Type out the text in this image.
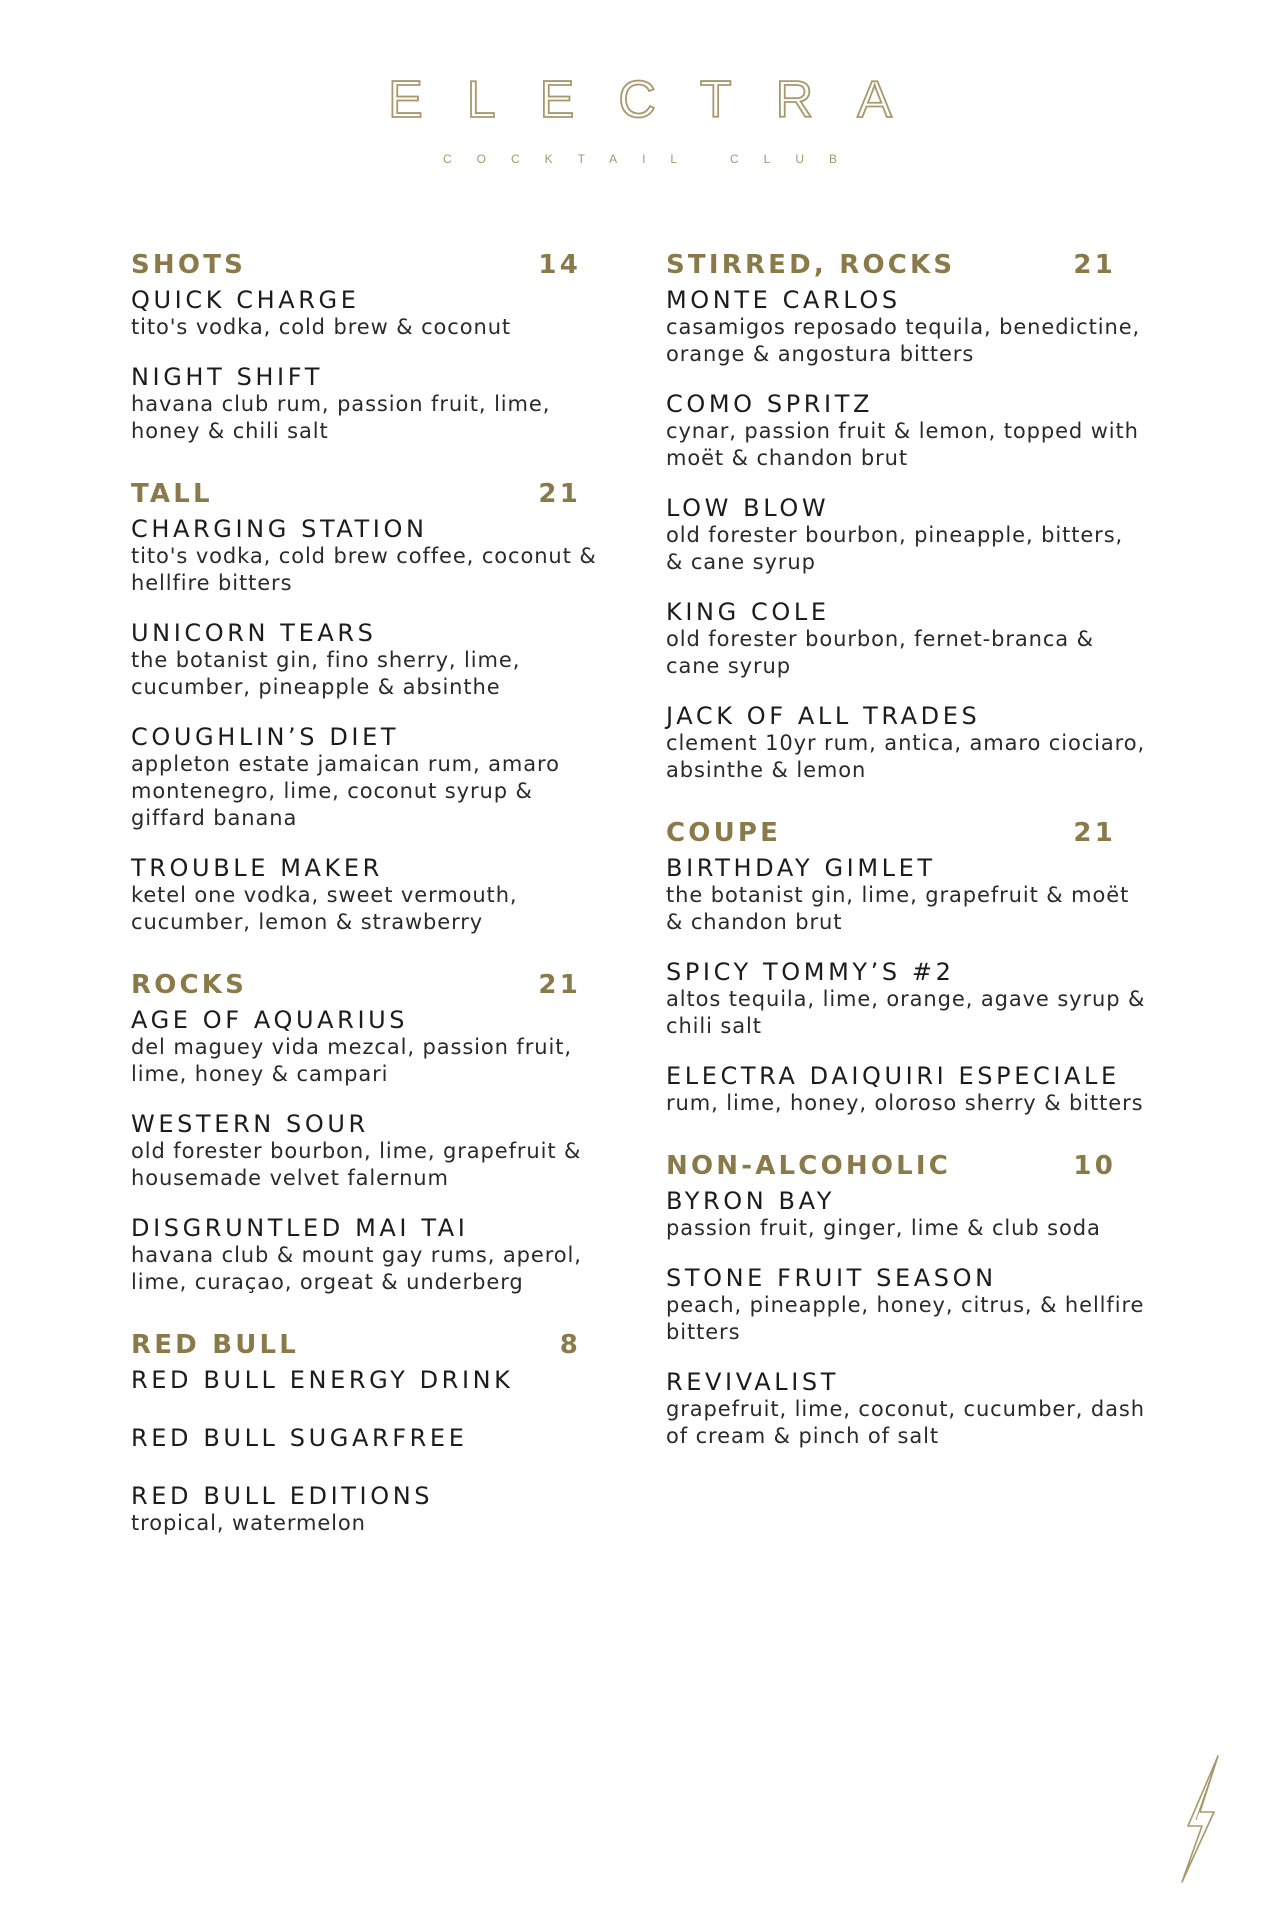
ELECTRA
COCKTAIL CLUB
SHOTS	14
QUICK CHARGE
tito's vodka, cold brew & coconut
NIGHT SHIFT
havana club rum, passion fruit, lime, honey & chili salt
TALL	21
CHARGING STATION
tito's vodka, cold brew coffee, coconut & hellfire bitters
UNICORN TEARS
the botanist gin, fino sherry, lime, cucumber, pineapple & absinthe
COUGHLIN’S DIET
appleton estate jamaican rum, amaro montenegro, lime, coconut syrup & giffard banana
TROUBLE MAKER
ketel one vodka, sweet vermouth, cucumber, lemon & strawberry
ROCKS	21
AGE OF AQUARIUS
del maguey vida mezcal, passion fruit, lime, honey & campari
WESTERN SOUR
old forester bourbon, lime, grapefruit & housemade velvet falernum
DISGRUNTLED MAI TAI
havana club & mount gay rums, aperol, lime, curaçao, orgeat & underberg
RED BULL	8
RED BULL ENERGY DRINK
RED BULL SUGARFREE
RED BULL EDITIONS
tropical, watermelon
STIRRED, ROCKS	21
MONTE CARLOS
casamigos reposado tequila, benedictine, orange & angostura bitters
COMO SPRITZ
cynar, passion fruit & lemon, topped with moët & chandon brut
LOW BLOW
old forester bourbon, pineapple, bitters, & cane syrup
KING COLE
old forester bourbon, fernet-branca & cane syrup
JACK OF ALL TRADES
clement 10yr rum, antica, amaro ciociaro, absinthe & lemon
COUPE	21
BIRTHDAY GIMLET
the botanist gin, lime, grapefruit & moët & chandon brut
SPICY TOMMY’S #2
altos tequila, lime, orange, agave syrup & chili salt
ELECTRA DAIQUIRI ESPECIALE
rum, lime, honey, oloroso sherry & bitters
NON-ALCOHOLIC	10
BYRON BAY
passion fruit, ginger, lime & club soda
STONE FRUIT SEASON
peach, pineapple, honey, citrus, & hellfire bitters
REVIVALIST
grapefruit, lime, coconut, cucumber, dash of cream & pinch of salt
